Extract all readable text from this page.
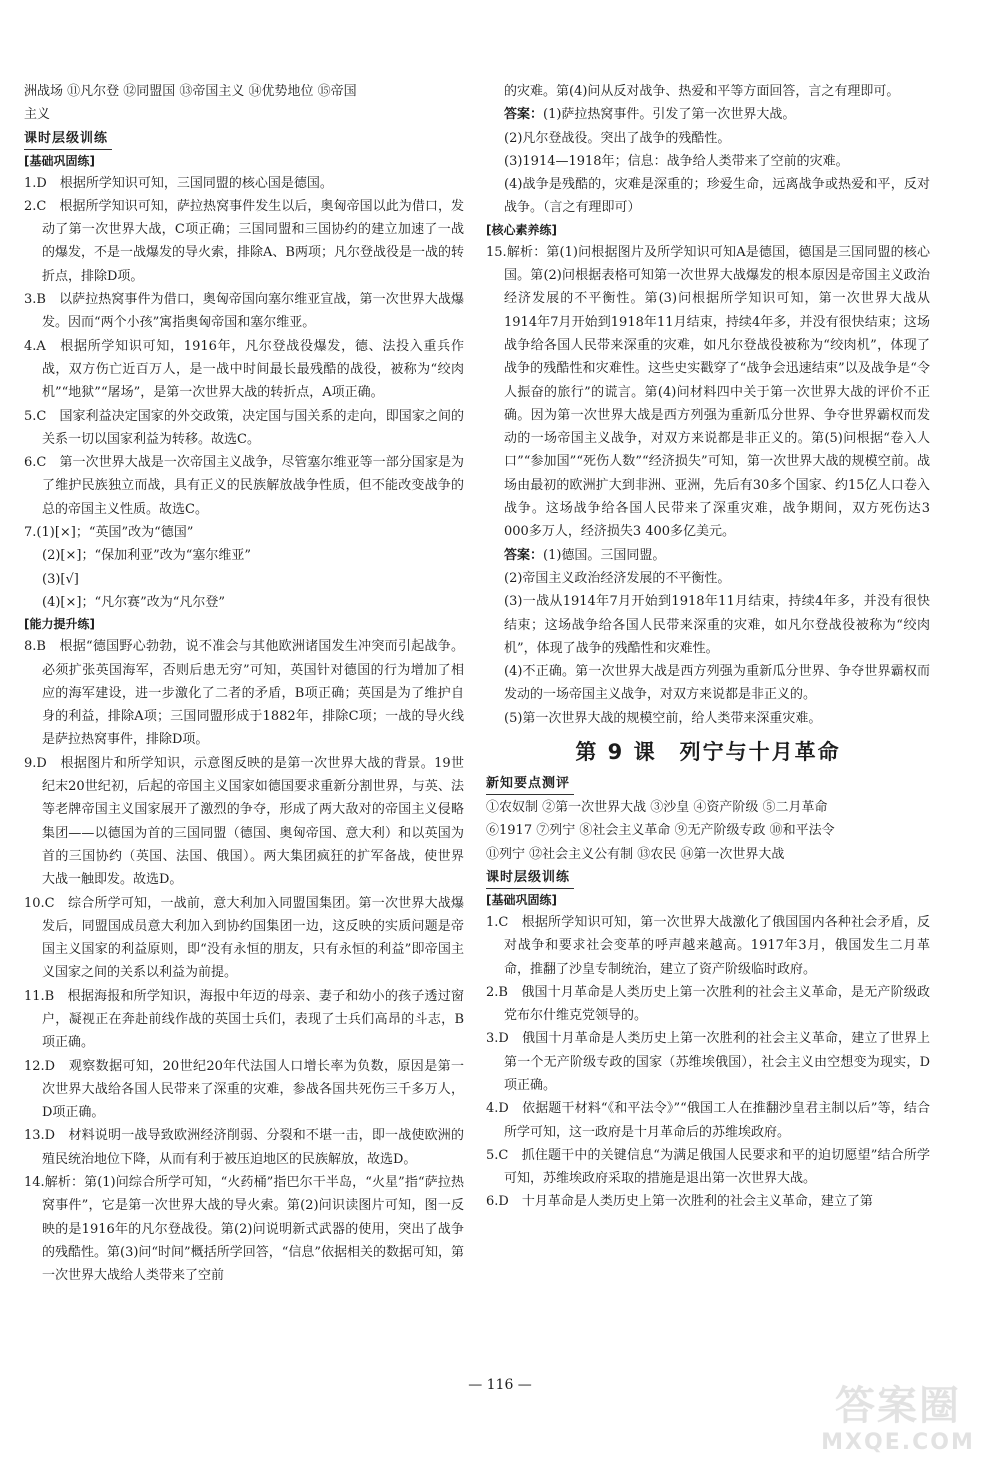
洲战场 ⑪凡尔登 ⑫同盟国 ⑬帝国主义 ⑭优势地位 ⑮帝国

主义

课时层级训练
[基础巩固练]

1.D　根据所学知识可知，三国同盟的核心国是德国。

2.C　根据所学知识可知，萨拉热窝事件发生以后，奥匈帝国以此为借口，发动了第一次世界大战，C项正确；三国同盟和三国协约的建立加速了一战的爆发，不是一战爆发的导火索，排除A、B两项；凡尔登战役是一战的转折点，排除D项。

3.B　以萨拉热窝事件为借口，奥匈帝国向塞尔维亚宣战，第一次世界大战爆发。因而“两个小孩”寓指奥匈帝国和塞尔维亚。

4.A　根据所学知识可知，1916年，凡尔登战役爆发，德、法投入重兵作战，双方伤亡近百万人，是一战中时间最长最残酷的战役，被称为“绞肉机”“地狱”“屠场”，是第一次世界大战的转折点，A项正确。

5.C　国家利益决定国家的外交政策，决定国与国关系的走向，即国家之间的关系一切以国家利益为转移。故选C。

6.C　第一次世界大战是一次帝国主义战争，尽管塞尔维亚等一部分国家是为了维护民族独立而战，具有正义的民族解放战争性质，但不能改变战争的总的帝国主义性质。故选C。

7.(1)[×]；“英国”改为“德国”

(2)[×]；“保加利亚”改为“塞尔维亚”

(3)[√]

(4)[×]；“凡尔赛”改为“凡尔登”

[能力提升练]

8.B　根据“德国野心勃勃，说不准会与其他欧洲诸国发生冲突而引起战争。必须扩张英国海军，否则后患无穷”可知，英国针对德国的行为增加了相应的海军建设，进一步激化了二者的矛盾，B项正确；英国是为了维护自身的利益，排除A项；三国同盟形成于1882年，排除C项；一战的导火线是萨拉热窝事件，排除D项。

9.D　根据图片和所学知识，示意图反映的是第一次世界大战的背景。19世纪末20世纪初，后起的帝国主义国家如德国要求重新分割世界，与英、法等老牌帝国主义国家展开了激烈的争夺，形成了两大敌对的帝国主义侵略集团——以德国为首的三国同盟（德国、奥匈帝国、意大利）和以英国为首的三国协约（英国、法国、俄国）。两大集团疯狂的扩军备战，使世界大战一触即发。故选D。

10.C　综合所学可知，一战前，意大利加入同盟国集团。第一次世界大战爆发后，同盟国成员意大利加入到协约国集团一边，这反映的实质问题是帝国主义国家的利益原则，即“没有永恒的朋友，只有永恒的利益”即帝国主义国家之间的关系以利益为前提。

11.B　根据海报和所学知识，海报中年迈的母亲、妻子和幼小的孩子透过窗户，凝视正在奔赴前线作战的英国士兵们，表现了士兵们高昂的斗志，B项正确。

12.D　观察数据可知，20世纪20年代法国人口增长率为负数，原因是第一次世界大战给各国人民带来了深重的灾难，参战各国共死伤三千多万人，D项正确。

13.D　材料说明一战导致欧洲经济削弱、分裂和不堪一击，即一战使欧洲的殖民统治地位下降，从而有利于被压迫地区的民族解放，故选D。

14.解析：第(1)问综合所学可知，“火药桶”指巴尔干半岛，“火星”指“萨拉热窝事件”，它是第一次世界大战的导火索。第(2)问识读图片可知，图一反映的是1916年的凡尔登战役。第(2)问说明新式武器的使用，突出了战争的残酷性。第(3)问“时间”概括所学回答，“信息”依据相关的数据可知，第一次世界大战给人类带来了空前

的灾难。第(4)问从反对战争、热爱和平等方面回答，言之有理即可。

答案：(1)萨拉热窝事件。引发了第一次世界大战。

(2)凡尔登战役。突出了战争的残酷性。

(3)1914—1918年；信息：战争给人类带来了空前的灾难。

(4)战争是残酷的，灾难是深重的；珍爱生命，远离战争或热爱和平，反对战争。（言之有理即可）

[核心素养练]

15.解析：第(1)问根据图片及所学知识可知A是德国，德国是三国同盟的核心国。第(2)问根据表格可知第一次世界大战爆发的根本原因是帝国主义政治经济发展的不平衡性。第(3)问根据所学知识可知，第一次世界大战从1914年7月开始到1918年11月结束，持续4年多，并没有很快结束；这场战争给各国人民带来深重的灾难，如凡尔登战役被称为“绞肉机”，体现了战争的残酷性和灾难性。这些史实戳穿了“战争会迅速结束”以及战争是“令人振奋的旅行”的谎言。第(4)问材料四中关于第一次世界大战的评价不正确。因为第一次世界大战是西方列强为重新瓜分世界、争夺世界霸权而发动的一场帝国主义战争，对双方来说都是非正义的。第(5)问根据“卷入人口”“参加国”“死伤人数”“经济损失”可知，第一次世界大战的规模空前。战场由最初的欧洲扩大到非洲、亚洲，先后有30多个国家、约15亿人口卷入战争。这场战争给各国人民带来了深重灾难，战争期间，双方死伤达3 000多万人，经济损失3 400多亿美元。

答案：(1)德国。三国同盟。

(2)帝国主义政治经济发展的不平衡性。

(3)一战从1914年7月开始到1918年11月结束，持续4年多，并没有很快结束；这场战争给各国人民带来深重的灾难，如凡尔登战役被称为“绞肉机”，体现了战争的残酷性和灾难性。

(4)不正确。第一次世界大战是西方列强为重新瓜分世界、争夺世界霸权而发动的一场帝国主义战争，对双方来说都是非正义的。

(5)第一次世界大战的规模空前，给人类带来深重灾难。

第 9 课　列宁与十月革命
新知要点测评

①农奴制 ②第一次世界大战 ③沙皇 ④资产阶级 ⑤二月革命

⑥1917 ⑦列宁 ⑧社会主义革命 ⑨无产阶级专政 ⑩和平法令

⑪列宁 ⑫社会主义公有制 ⑬农民 ⑭第一次世界大战

课时层级训练
[基础巩固练]

1.C　根据所学知识可知，第一次世界大战激化了俄国国内各种社会矛盾，反对战争和要求社会变革的呼声越来越高。1917年3月，俄国发生二月革命，推翻了沙皇专制统治，建立了资产阶级临时政府。

2.B　俄国十月革命是人类历史上第一次胜利的社会主义革命，是无产阶级政党布尔什维克党领导的。

3.D　俄国十月革命是人类历史上第一次胜利的社会主义革命，建立了世界上第一个无产阶级专政的国家（苏维埃俄国），社会主义由空想变为现实，D项正确。

4.D　依据题干材料“《和平法令》”“俄国工人在推翻沙皇君主制以后”等，结合所学可知，这一政府是十月革命后的苏维埃政府。

5.C　抓住题干中的关键信息“为满足俄国人民要求和平的迫切愿望”结合所学可知，苏维埃政府采取的措施是退出第一次世界大战。

6.D　十月革命是人类历史上第一次胜利的社会主义革命，建立了第

— 116 —	答案圈
MXQE.COM
